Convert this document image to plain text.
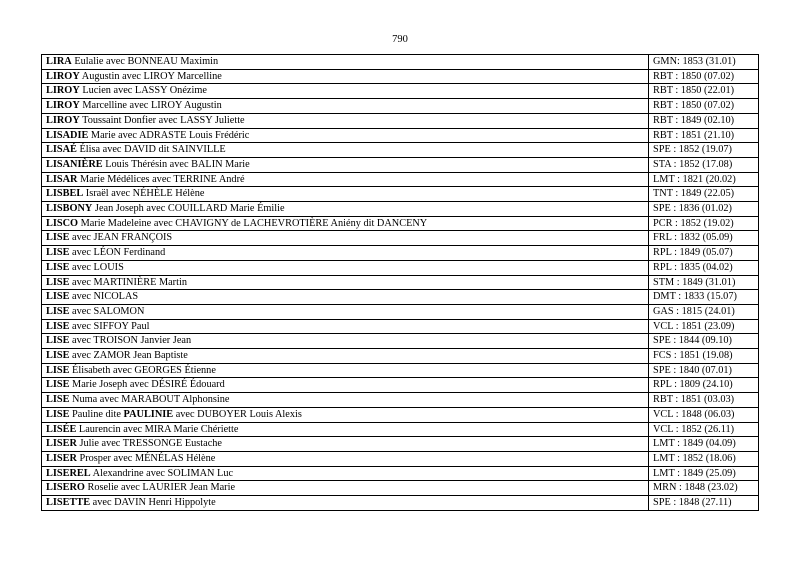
790
LIRA Eulalie avec BONNEAU Maximin	GMN: 1853 (31.01)
LIROY Augustin avec LIROY Marcelline	RBT : 1850 (07.02)
LIROY Lucien avec LASSY Onézime	RBT : 1850 (22.01)
LIROY Marcelline avec LIROY Augustin	RBT : 1850 (07.02)
LIROY Toussaint Donfier avec LASSY Juliette	RBT : 1849 (02.10)
LISADIE Marie avec ADRASTE Louis Frédéric	RBT : 1851 (21.10)
LISAÉ Élisa avec DAVID dit SAINVILLE	SPE : 1852 (19.07)
LISANIÈRE Louis Thérésin avec BALIN Marie	STA : 1852 (17.08)
LISAR Marie Médélices avec TERRINE André	LMT : 1821 (20.02)
LISBEL Israël avec NÉHÈLE Hélène	TNT : 1849 (22.05)
LISBONY Jean Joseph avec COUILLARD Marie Émilie	SPE : 1836 (01.02)
LISCO Marie Madeleine avec CHAVIGNY de LACHEVROTIÈRE Aniény dit DANCENY	PCR : 1852 (19.02)
LISE avec JEAN FRANÇOIS	FRL : 1832 (05.09)
LISE avec LÉON Ferdinand	RPL : 1849 (05.07)
LISE avec LOUIS	RPL : 1835 (04.02)
LISE avec MARTINIÈRE Martin	STM : 1849 (31.01)
LISE avec NICOLAS	DMT : 1833 (15.07)
LISE avec SALOMON	GAS : 1815 (24.01)
LISE avec SIFFOY Paul	VCL : 1851 (23.09)
LISE avec TROISON Janvier Jean	SPE : 1844 (09.10)
LISE avec ZAMOR Jean Baptiste	FCS : 1851 (19.08)
LISE Élisabeth avec GEORGES Étienne	SPE : 1840 (07.01)
LISE Marie Joseph avec DÉSIRÉ Édouard	RPL : 1809 (24.10)
LISE Numa avec MARABOUT Alphonsine	RBT : 1851 (03.03)
LISE Pauline dite PAULINIE avec DUBOYER Louis Alexis	VCL : 1848 (06.03)
LISÉE Laurencin avec MIRA Marie Chériette	VCL : 1852 (26.11)
LISER Julie avec TRESSONGE Eustache	LMT : 1849 (04.09)
LISER Prosper avec MÉNÉLAS Hélène	LMT : 1852 (18.06)
LISEREL Alexandrine avec SOLIMAN Luc	LMT : 1849 (25.09)
LISERO Roselie avec LAURIER Jean Marie	MRN : 1848 (23.02)
LISETTE avec DAVIN Henri Hippolyte	SPE : 1848 (27.11)
